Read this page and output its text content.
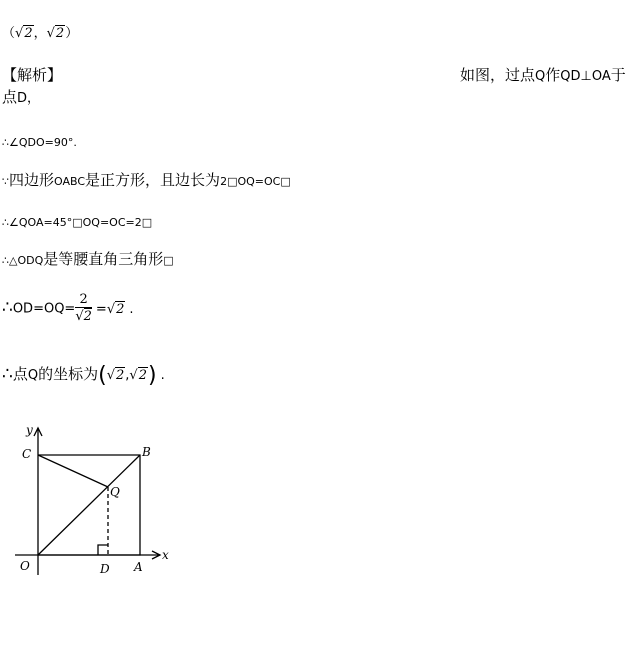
（√2，√2）
【解析】	如图，过点Q作QD⊥OA于
点D，
∴∠QDO=90°.
∵四边形OABC是正方形，且边长为2□OQ=OC□
∴∠QOA=45°□OQ=OC=2□
∴△ODQ是等腰直角三角形□
∴OD=OQ= $\frac{2}{√2} =√2$ .
∴点Q的坐标为(√2,√2) .
y
x
O	A
B
C
Q
D
